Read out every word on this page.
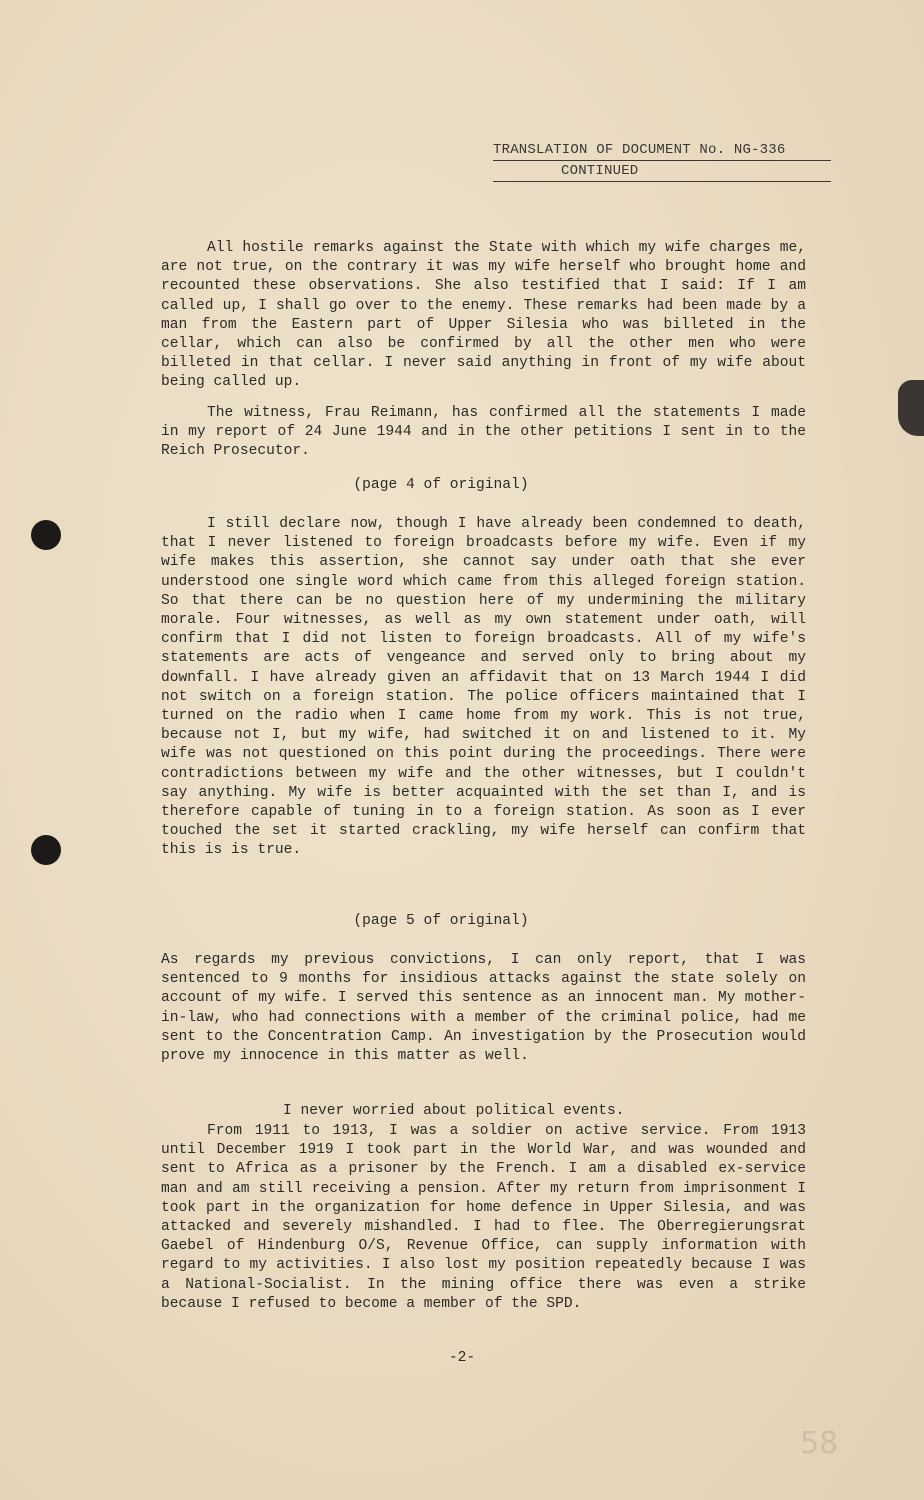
TRANSLATION OF DOCUMENT No. NG-336
CONTINUED

All hostile remarks against the State with which my wife charges me, are not true, on the contrary it was my wife herself who brought home and recounted these observations. She also testified that I said: If I am called up, I shall go over to the enemy. These remarks had been made by a man from the Eastern part of Upper Silesia who was billeted in the cellar, which can also be confirmed by all the other men who were billeted in that cellar. I never said anything in front of my wife about being called up.

The witness, Frau Reimann, has confirmed all the statements I made in my report of 24 June 1944 and in the other petitions I sent in to the Reich Prosecutor.

(page 4 of original)

I still declare now, though I have already been condemned to death, that I never listened to foreign broadcasts before my wife. Even if my wife makes this assertion, she cannot say under oath that she ever understood one single word which came from this alleged foreign station. So that there can be no question here of my undermining the military morale. Four witnesses, as well as my own statement under oath, will confirm that I did not listen to foreign broadcasts. All of my wife's statements are acts of vengeance and served only to bring about my downfall. I have already given an affidavit that on 13 March 1944 I did not switch on a foreign station. The police officers maintained that I turned on the radio when I came home from my work. This is not true, because not I, but my wife, had switched it on and listened to it. My wife was not questioned on this point during the proceedings. There were contradictions between my wife and the other witnesses, but I couldn't say anything. My wife is better acquainted with the set than I, and is therefore capable of tuning in to a foreign station. As soon as I ever touched the set it started crackling, my wife herself can confirm that this is is true.

(page 5 of original)

As regards my previous convictions, I can only report, that I was sentenced to 9 months for insidious attacks against the state solely on account of my wife. I served this sentence as an innocent man. My mother-in-law, who had connections with a member of the criminal police, had me sent to the Concentration Camp. An investigation by the Prosecution would prove my innocence in this matter as well.

I never worried about political events.

From 1911 to 1913, I was a soldier on active service. From 1913 until December 1919 I took part in the World War, and was wounded and sent to Africa as a prisoner by the French. I am a disabled ex-service man and am still receiving a pension. After my return from imprisonment I took part in the organization for home defence in Upper Silesia, and was attacked and severely mishandled. I had to flee. The Oberregierungsrat Gaebel of Hindenburg O/S, Revenue Office, can supply information with regard to my activities. I also lost my position repeatedly because I was a National-Socialist. In the mining office there was even a strike because I refused to become a member of the SPD.

-2-
58
